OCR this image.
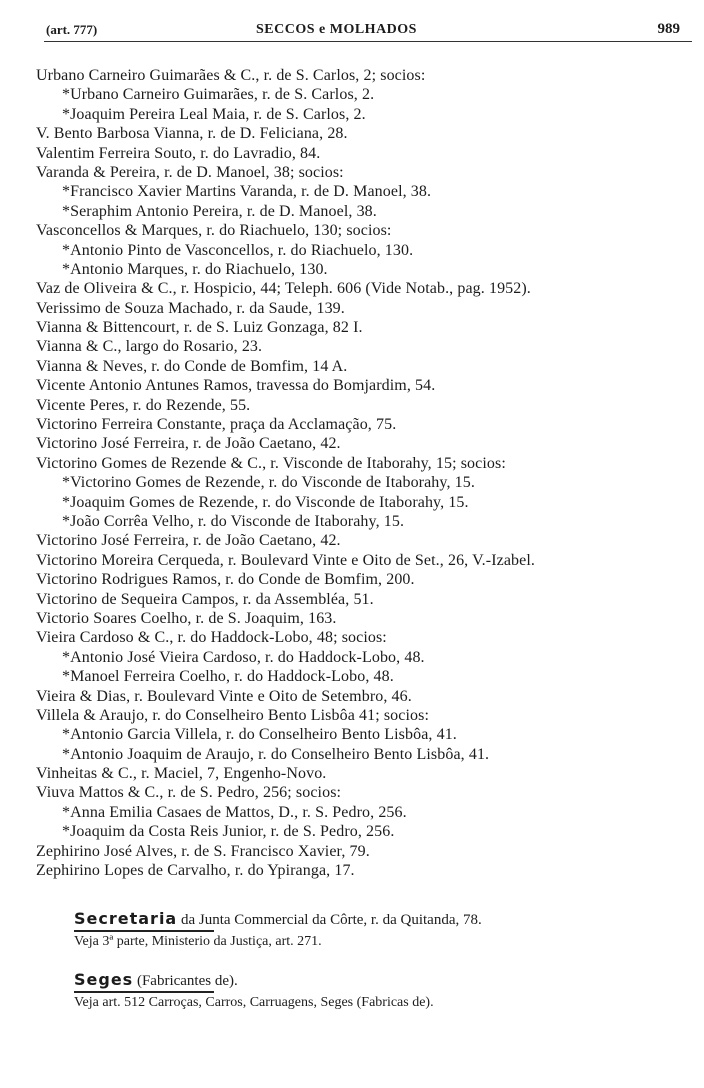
(art. 777)	SECCOS e MOLHADOS	989
Urbano Carneiro Guimarães & C., r. de S. Carlos, 2; socios:
*Urbano Carneiro Guimarães, r. de S. Carlos, 2.
*Joaquim Pereira Leal Maia, r. de S. Carlos, 2.
V. Bento Barbosa Vianna, r. de D. Feliciana, 28.
Valentim Ferreira Souto, r. do Lavradio, 84.
Varanda & Pereira, r. de D. Manoel, 38; socios:
*Francisco Xavier Martins Varanda, r. de D. Manoel, 38.
*Seraphim Antonio Pereira, r. de D. Manoel, 38.
Vasconcellos & Marques, r. do Riachuelo, 130; socios:
*Antonio Pinto de Vasconcellos, r. do Riachuelo, 130.
*Antonio Marques, r. do Riachuelo, 130.
Vaz de Oliveira & C., r. Hospicio, 44; Teleph. 606 (Vide Notab., pag. 1952).
Verissimo de Souza Machado, r. da Saude, 139.
Vianna & Bittencourt, r. de S. Luiz Gonzaga, 82 I.
Vianna & C., largo do Rosario, 23.
Vianna & Neves, r. do Conde de Bomfim, 14 A.
Vicente Antonio Antunes Ramos, travessa do Bomjardim, 54.
Vicente Peres, r. do Rezende, 55.
Victorino Ferreira Constante, praça da Acclamação, 75.
Victorino José Ferreira, r. de João Caetano, 42.
Victorino Gomes de Rezende & C., r. Visconde de Itaborahy, 15; socios:
*Victorino Gomes de Rezende, r. do Visconde de Itaborahy, 15.
*Joaquim Gomes de Rezende, r. do Visconde de Itaborahy, 15.
*João Corrêa Velho, r. do Visconde de Itaborahy, 15.
Victorino José Ferreira, r. de João Caetano, 42.
Victorino Moreira Cerqueda, r. Boulevard Vinte e Oito de Set., 26, V.-Izabel.
Victorino Rodrigues Ramos, r. do Conde de Bomfim, 200.
Victorino de Sequeira Campos, r. da Assembléa, 51.
Victorio Soares Coelho, r. de S. Joaquim, 163.
Vieira Cardoso & C., r. do Haddock-Lobo, 48; socios:
*Antonio José Vieira Cardoso, r. do Haddock-Lobo, 48.
*Manoel Ferreira Coelho, r. do Haddock-Lobo, 48.
Vieira & Dias, r. Boulevard Vinte e Oito de Setembro, 46.
Villela & Araujo, r. do Conselheiro Bento Lisbôa 41; socios:
*Antonio Garcia Villela, r. do Conselheiro Bento Lisbôa, 41.
*Antonio Joaquim de Araujo, r. do Conselheiro Bento Lisbôa, 41.
Vinheitas & C., r. Maciel, 7, Engenho-Novo.
Viuva Mattos & C., r. de S. Pedro, 256; socios:
*Anna Emilia Casaes de Mattos, D., r. S. Pedro, 256.
*Joaquim da Costa Reis Junior, r. de S. Pedro, 256.
Zephirino José Alves, r. de S. Francisco Xavier, 79.
Zephirino Lopes de Carvalho, r. do Ypiranga, 17.
Secretaria da Junta Commercial da Côrte, r. da Quitanda, 78.
Veja 3ª parte, Ministerio da Justiça, art. 271.
Seges (Fabricantes de).
Veja art. 512 Carroças, Carros, Carruagens, Seges (Fabricas de).
